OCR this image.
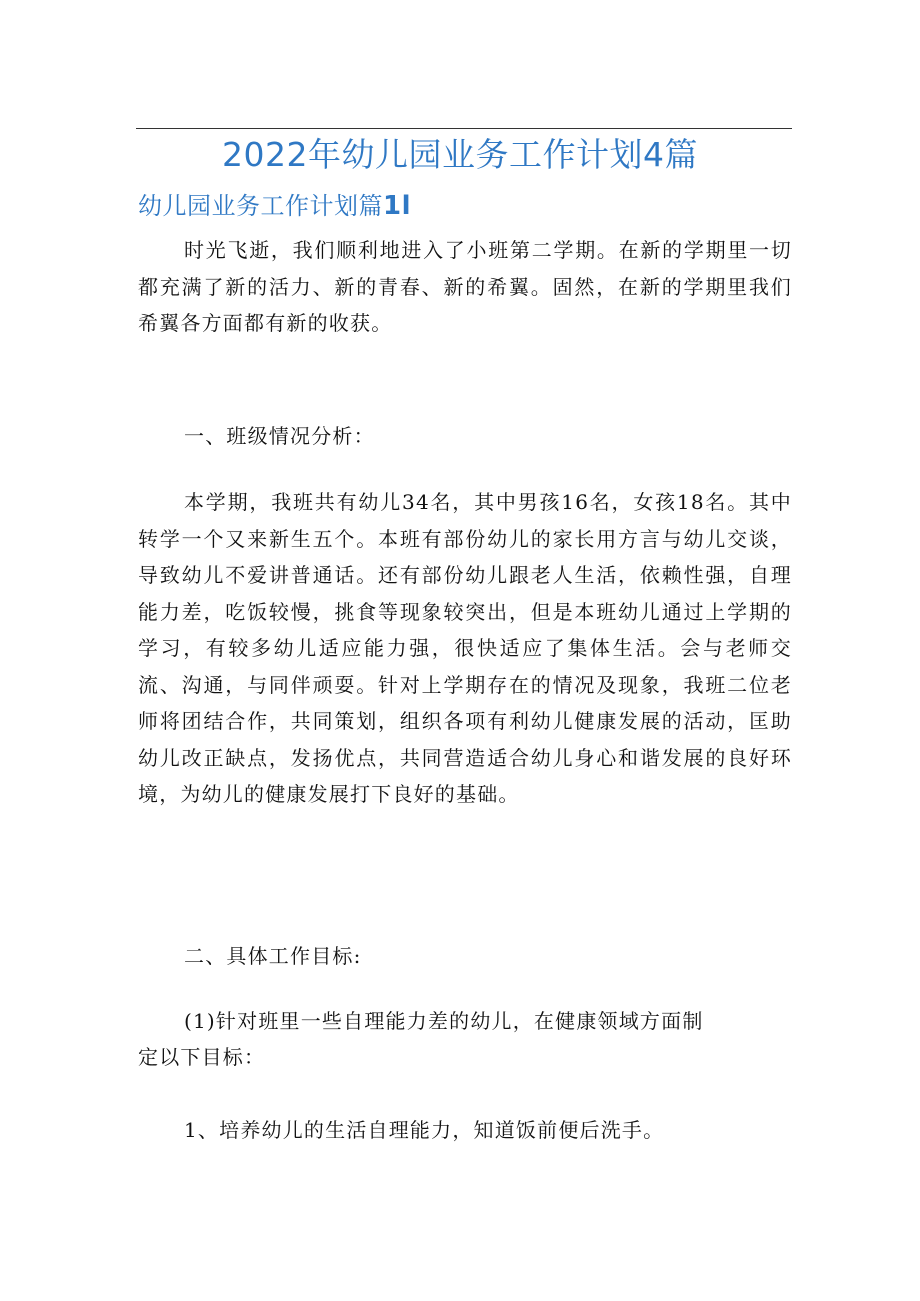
2022年幼儿园业务工作计划4篇
幼儿园业务工作计划篇1l

时光飞逝，我们顺利地进入了小班第二学期。在新的学期里一切都充满了新的活力、新的青春、新的希翼。固然，在新的学期里我们希翼各方面都有新的收获。

一、班级情况分析：

本学期，我班共有幼儿34名，其中男孩16名，女孩18名。其中转学一个又来新生五个。本班有部份幼儿的家长用方言与幼儿交谈，导致幼儿不爱讲普通话。还有部份幼儿跟老人生活，依赖性强，自理能力差，吃饭较慢，挑食等现象较突出，但是本班幼儿通过上学期的学习，有较多幼儿适应能力强，很快适应了集体生活。会与老师交流、沟通，与同伴顽耍。针对上学期存在的情况及现象，我班二位老师将团结合作，共同策划，组织各项有利幼儿健康发展的活动，匡助幼儿改正缺点，发扬优点，共同营造适合幼儿身心和谐发展的良好环境，为幼儿的健康发展打下良好的基础。

二、具体工作目标:
(1)针对班里一些自理能力差的幼儿，在健康领域方面制
定以下目标：
1、培养幼儿的生活自理能力，知道饭前便后洗手。
